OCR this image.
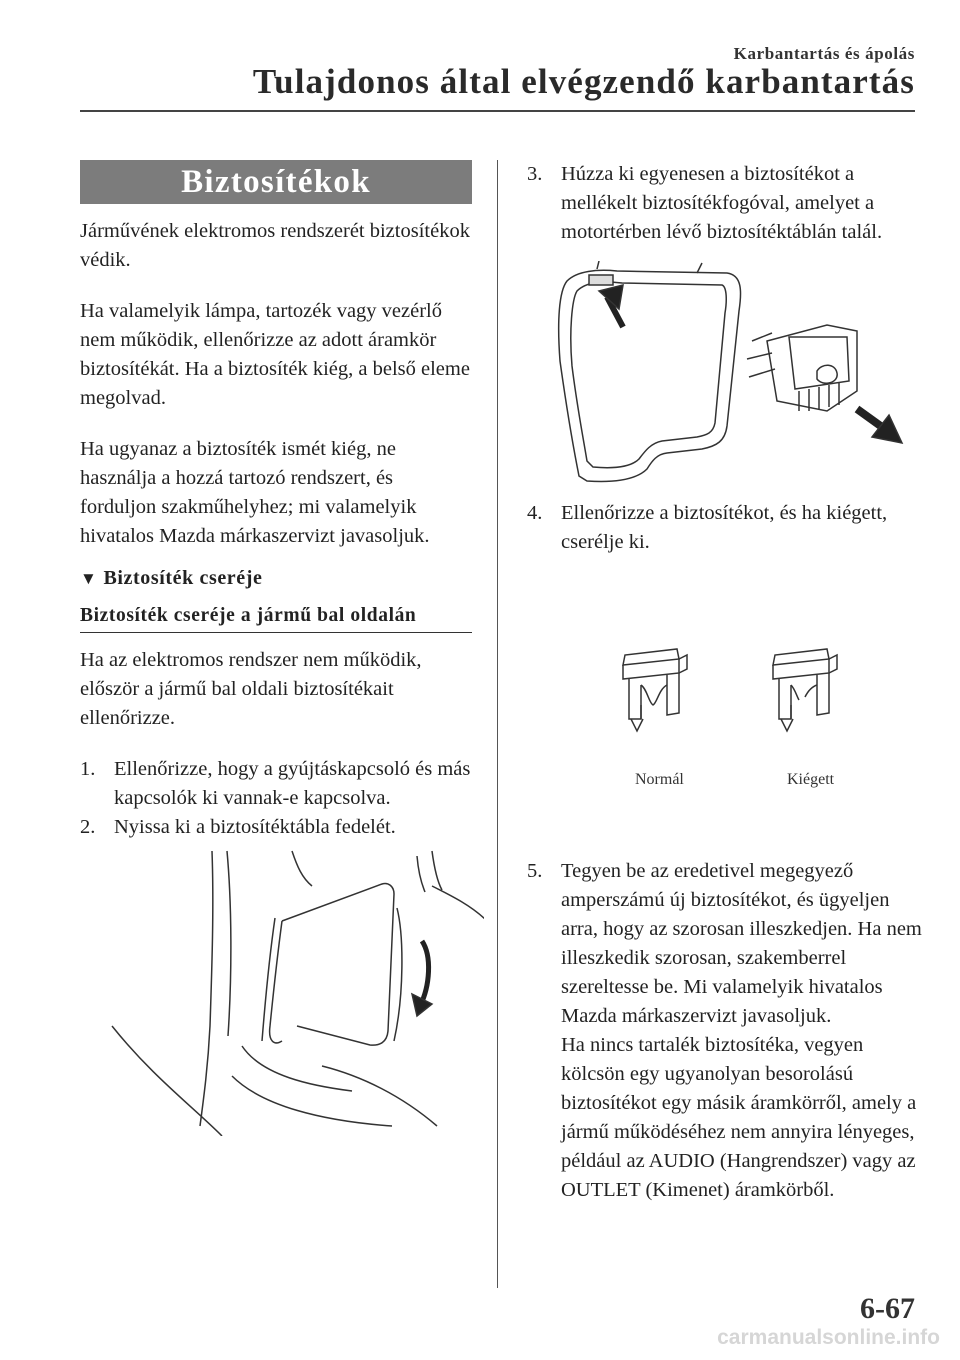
Karbantartás és ápolás
Tulajdonos által elvégzendő karbantartás
Biztosítékok

Járművének elektromos rendszerét biztosítékok védik.

Ha valamelyik lámpa, tartozék vagy vezérlő nem működik, ellenőrizze az adott áramkör biztosítékát. Ha a biztosíték kiég, a belső eleme megolvad.

Ha ugyanaz a biztosíték ismét kiég, ne használja a hozzá tartozó rendszert, és forduljon szakműhelyhez; mi valamelyik hivatalos Mazda márkaszervizt javasoljuk.

▼ Biztosíték cseréje
Biztosíték cseréje a jármű bal oldalán

Ha az elektromos rendszer nem működik, először a jármű bal oldali biztosítékait ellenőrizze.

1. Ellenőrizze, hogy a gyújtáskapcsoló és más kapcsolók ki vannak-e kapcsolva.
2. Nyissa ki a biztosítéktábla fedelét.
3. Húzza ki egyenesen a biztosítékot a mellékelt biztosítékfogóval, amelyet a motortérben lévő biztosítéktáblán talál.
4. Ellenőrizze a biztosítékot, és ha kiégett, cserélje ki.
Normál	Kiégett
5. Tegyen be az eredetivel megegyező amperszámú új biztosítékot, és ügyeljen arra, hogy az szorosan illeszkedjen. Ha nem illeszkedik szorosan, szakemberrel szereltesse be. Mi valamelyik hivatalos Mazda márkaszervizt javasoljuk.
Ha nincs tartalék biztosítéka, vegyen kölcsön egy ugyanolyan besorolású biztosítékot egy másik áramkörről, amely a jármű működéséhez nem annyira lényeges, például az AUDIO (Hangrendszer) vagy az OUTLET (Kimenet) áramkörből.
6-67
carmanualsonline.info
